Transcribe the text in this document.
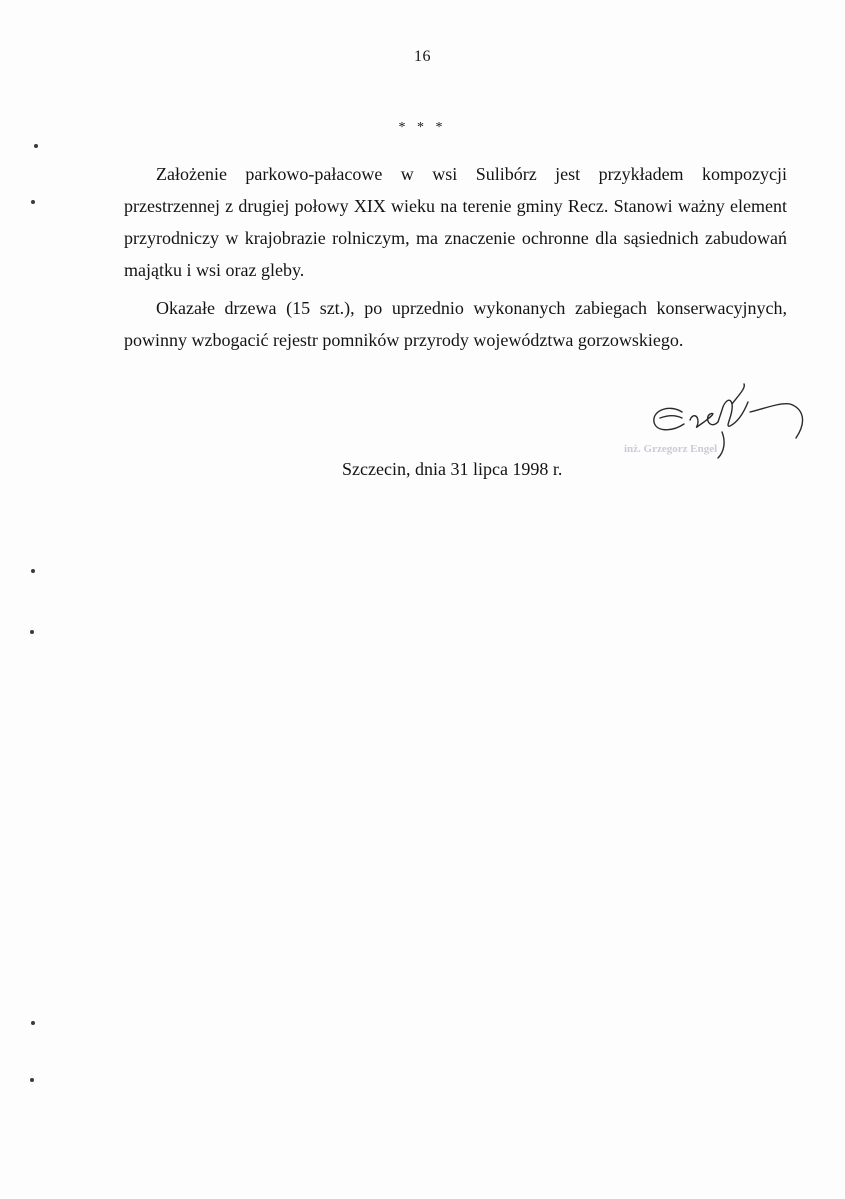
16
* * *

Założenie parkowo-pałacowe w wsi Sulibórz jest przykładem kompozycji przestrzennej z drugiej połowy XIX wieku na terenie gminy Recz. Stanowi ważny element przyrodniczy w krajobrazie rolniczym, ma znaczenie ochronne dla sąsiednich zabudowań majątku i wsi oraz gleby.

Okazałe drzewa (15 szt.), po uprzednio wykonanych zabiegach konserwacyjnych, powinny wzbogacić rejestr pomników przyrody województwa gorzowskiego.

inż. Grzegorz Engel
Szczecin, dnia 31 lipca 1998 r.
